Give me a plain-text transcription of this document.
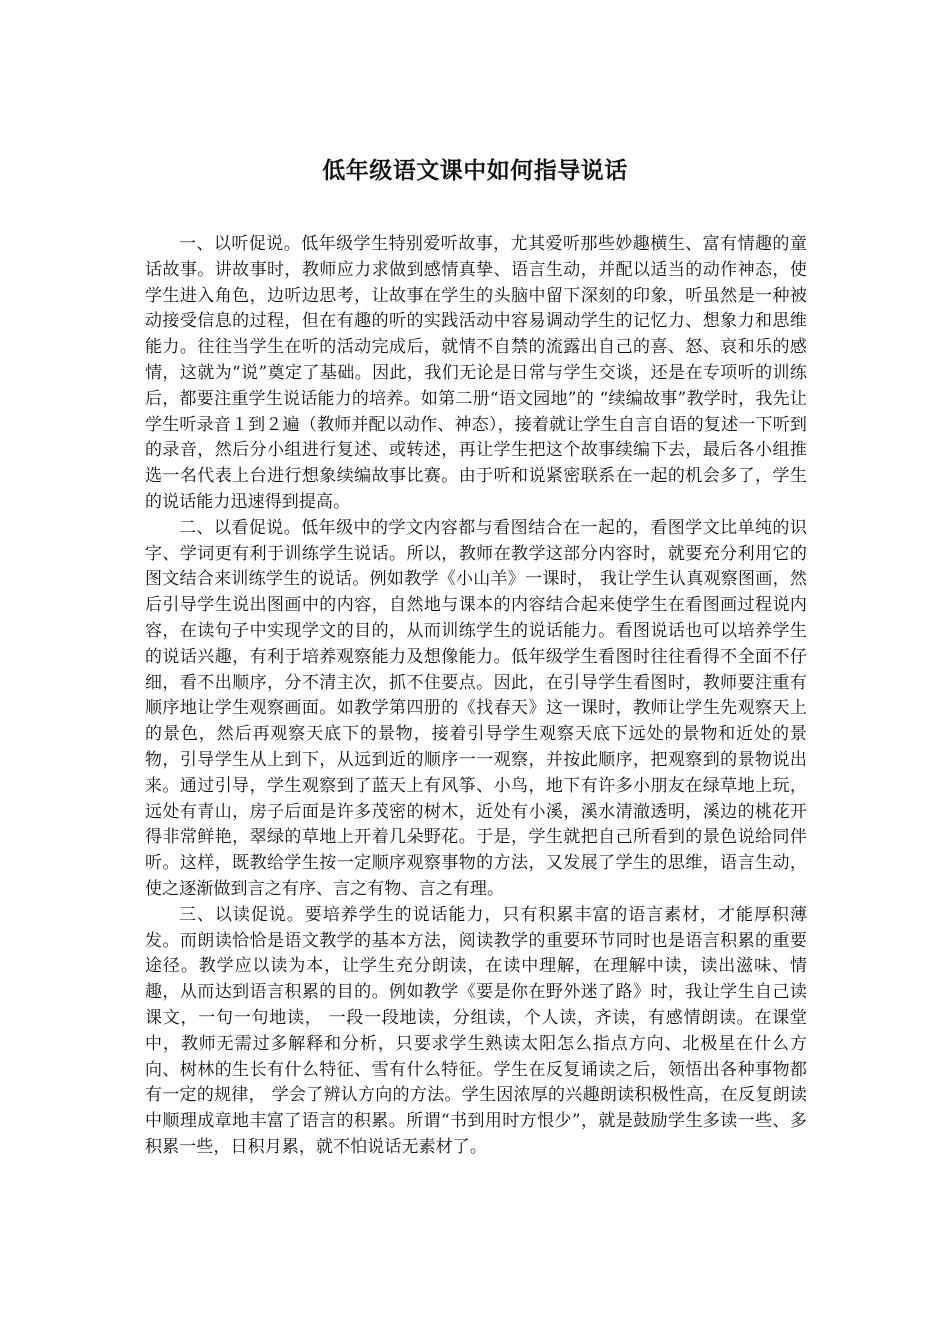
低年级语文课中如何指导说话

一、以听促说。低年级学生特别爱听故事，尤其爱听那些妙趣横生、富有情趣的童话故事。讲故事时，教师应力求做到感情真挚、语言生动，并配以适当的动作神态，使学生进入角色，边听边思考，让故事在学生的头脑中留下深刻的印象，听虽然是一种被动接受信息的过程，但在有趣的听的实践活动中容易调动学生的记忆力、想象力和思维能力。往往当学生在听的活动完成后，就情不自禁的流露出自己的喜、怒、哀和乐的感情，这就为“说”奠定了基础。因此，我们无论是日常与学生交谈，还是在专项听的训练后，都要注重学生说话能力的培养。如第二册“语文园地”的 “续编故事”教学时，我先让学生听录音１到２遍（教师并配以动作、神态），接着就让学生自言自语的复述一下听到的录音，然后分小组进行复述、或转述，再让学生把这个故事续编下去，最后各小组推选一名代表上台进行想象续编故事比赛。由于听和说紧密联系在一起的机会多了，学生的说话能力迅速得到提高。

二、以看促说。低年级中的学文内容都与看图结合在一起的，看图学文比单纯的识字、学词更有利于训练学生说话。所以，教师在教学这部分内容时，就要充分利用它的图文结合来训练学生的说话。例如教学《小山羊》一课时， 我让学生认真观察图画，然后引导学生说出图画中的内容，自然地与课本的内容结合起来使学生在看图画过程说内容，在读句子中实现学文的目的，从而训练学生的说话能力。看图说话也可以培养学生的说话兴趣，有利于培养观察能力及想像能力。低年级学生看图时往往看得不全面不仔细，看不出顺序，分不清主次，抓不住要点。因此，在引导学生看图时，教师要注重有顺序地让学生观察画面。如教学第四册的《找春天》这一课时，教师让学生先观察天上的景色，然后再观察天底下的景物，接着引导学生观察天底下远处的景物和近处的景物，引导学生从上到下，从远到近的顺序一一观察，并按此顺序，把观察到的景物说出来。通过引导，学生观察到了蓝天上有风筝、小鸟，地下有许多小朋友在绿草地上玩，远处有青山，房子后面是许多茂密的树木，近处有小溪，溪水清澈透明，溪边的桃花开得非常鲜艳，翠绿的草地上开着几朵野花。于是，学生就把自己所看到的景色说给同伴听。这样，既教给学生按一定顺序观察事物的方法，又发展了学生的思维，语言生动，使之逐渐做到言之有序、言之有物、言之有理。

三、以读促说。要培养学生的说话能力，只有积累丰富的语言素材，才能厚积薄发。而朗读恰恰是语文教学的基本方法，阅读教学的重要环节同时也是语言积累的重要途径。教学应以读为本，让学生充分朗读，在读中理解，在理解中读，读出滋味、情趣，从而达到语言积累的目的。例如教学《要是你在野外迷了路》时，我让学生自己读课文，一句一句地读， 一段一段地读，分组读，个人读，齐读，有感情朗读。在课堂中，教师无需过多解释和分析，只要求学生熟读太阳怎么指点方向、北极星在什么方向、树林的生长有什么特征、雪有什么特征。学生在反复诵读之后，领悟出各种事物都有一定的规律， 学会了辨认方向的方法。学生因浓厚的兴趣朗读积极性高，在反复朗读中顺理成章地丰富了语言的积累。所谓“书到用时方恨少”，就是鼓励学生多读一些、多积累一些，日积月累，就不怕说话无素材了。
